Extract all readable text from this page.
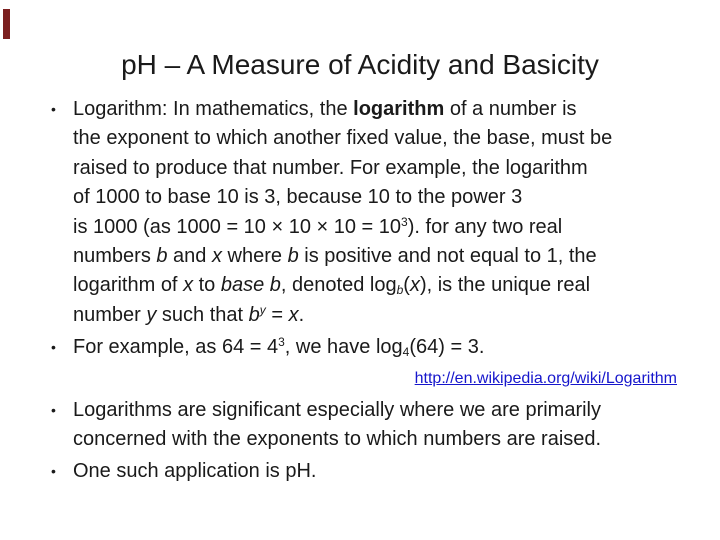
pH – A Measure of Acidity and Basicity
• Logarithm: In mathematics, the logarithm of a number is
the exponent to which another fixed value, the base, must be
raised to produce that number. For example, the logarithm
of 1000 to base 10 is 3, because 10 to the power 3
is 1000 (as $1000 = 10 \times 10 \times 10 = 10^3$). for any two real
numbers b and x where b is positive and not equal to 1, the
logarithm of x to base b, denoted $\log_b(x)$, is the unique real
number y such that $b^y = x$.
• For example, as $64 = 4^3$, we have $\log_4(64) = 3$.
http://en.wikipedia.org/wiki/Logarithm
• Logarithms are significant especially where we are primarily
concerned with the exponents to which numbers are raised.
• One such application is pH.
